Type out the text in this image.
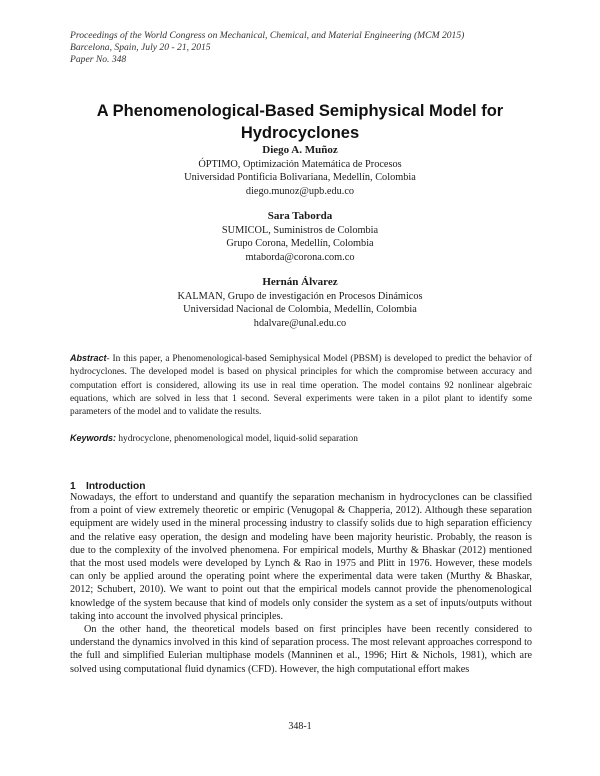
Proceedings of the World Congress on Mechanical, Chemical, and Material Engineering (MCM 2015)
Barcelona, Spain, July 20 - 21, 2015
Paper No. 348
A Phenomenological-Based Semiphysical Model for
Hydrocyclones
Diego A. Muñoz
ÓPTIMO, Optimización Matemática de Procesos
Universidad Pontificia Bolivariana, Medellín, Colombia
diego.munoz@upb.edu.co
Sara Taborda
SUMICOL, Suministros de Colombia
Grupo Corona, Medellín, Colombia
mtaborda@corona.com.co
Hernán Álvarez
KALMAN, Grupo de investigación en Procesos Dinámicos
Universidad Nacional de Colombia, Medellín, Colombia
hdalvare@unal.edu.co
Abstract- In this paper, a Phenomenological-based Semiphysical Model (PBSM) is developed to predict the behavior of hydrocyclones. The developed model is based on physical principles for which the compromise between accuracy and computation effort is considered, allowing its use in real time operation. The model contains 92 nonlinear algebraic equations, which are solved in less that 1 second. Several experiments were taken in a pilot plant to identify some parameters of the model and to validate the results.
Keywords: hydrocyclone, phenomenological model, liquid-solid separation
1 Introduction

Nowadays, the effort to understand and quantify the separation mechanism in hydrocyclones can be classified from a point of view extremely theoretic or empiric (Venugopal & Chapperia, 2012). Although these separation equipment are widely used in the mineral processing industry to classify solids due to high separation efficiency and the relative easy operation, the design and modeling have been majority heuristic. Probably, the reason is due to the complexity of the involved phenomena. For empirical models, Murthy & Bhaskar (2012) mentioned that the most used models were developed by Lynch & Rao in 1975 and Plitt in 1976. However, these models can only be applied around the operating point where the experimental data were taken (Murthy & Bhaskar, 2012; Schubert, 2010). We want to point out that the empirical models cannot provide the phenomenological knowledge of the system because that kind of models only consider the system as a set of inputs/outputs without taking into account the involved physical principles.

On the other hand, the theoretical models based on first principles have been recently considered to understand the dynamics involved in this kind of separation process. The most relevant approaches correspond to the full and simplified Eulerian multiphase models (Manninen et al., 1996; Hirt & Nichols, 1981), which are solved using computational fluid dynamics (CFD). However, the high computational effort makes

348-1
